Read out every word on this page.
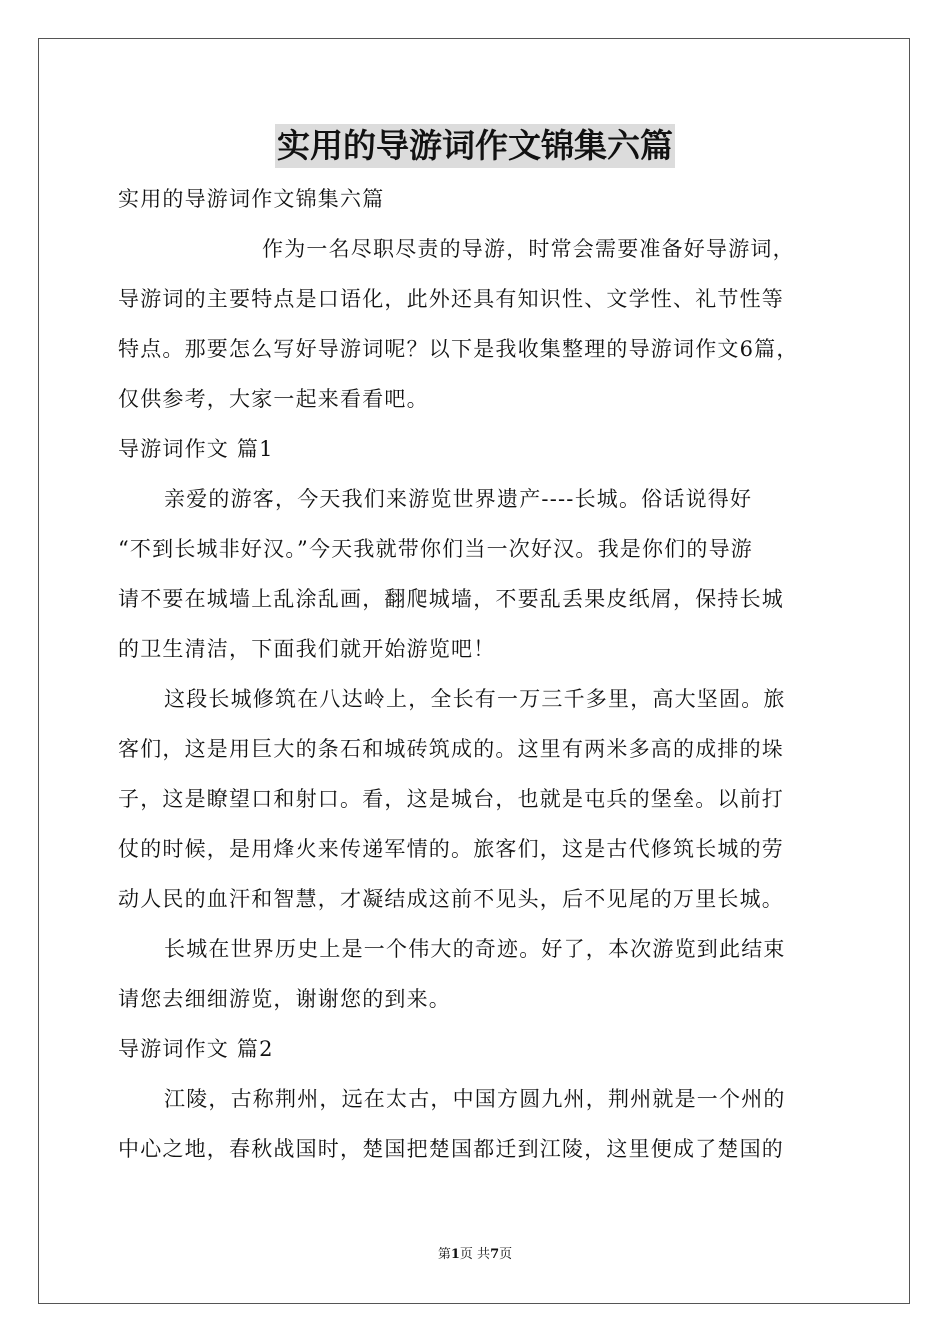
实用的导游词作文锦集六篇
实用的导游词作文锦集六篇
作为一名尽职尽责的导游，时常会需要准备好导游词，
导游词的主要特点是口语化，此外还具有知识性、文学性、礼节性等
特点。那要怎么写好导游词呢？以下是我收集整理的导游词作文6篇，
仅供参考，大家一起来看看吧。
导游词作文 篇1
亲爱的游客，今天我们来游览世界遗产----长城。俗话说得好
“不到长城非好汉。”今天我就带你们当一次好汉。我是你们的导游
请不要在城墙上乱涂乱画，翻爬城墙，不要乱丢果皮纸屑，保持长城
的卫生清洁，下面我们就开始游览吧！
这段长城修筑在八达岭上，全长有一万三千多里，高大坚固。旅
客们，这是用巨大的条石和城砖筑成的。这里有两米多高的成排的垛
子，这是瞭望口和射口。看，这是城台，也就是屯兵的堡垒。以前打
仗的时候，是用烽火来传递军情的。旅客们，这是古代修筑长城的劳
动人民的血汗和智慧，才凝结成这前不见头，后不见尾的万里长城。
长城在世界历史上是一个伟大的奇迹。好了，本次游览到此结束
请您去细细游览，谢谢您的到来。
导游词作文 篇2
江陵，古称荆州，远在太古，中国方圆九州，荆州就是一个州的
中心之地，春秋战国时，楚国把楚国都迁到江陵，这里便成了楚国的
第1页 共7页
